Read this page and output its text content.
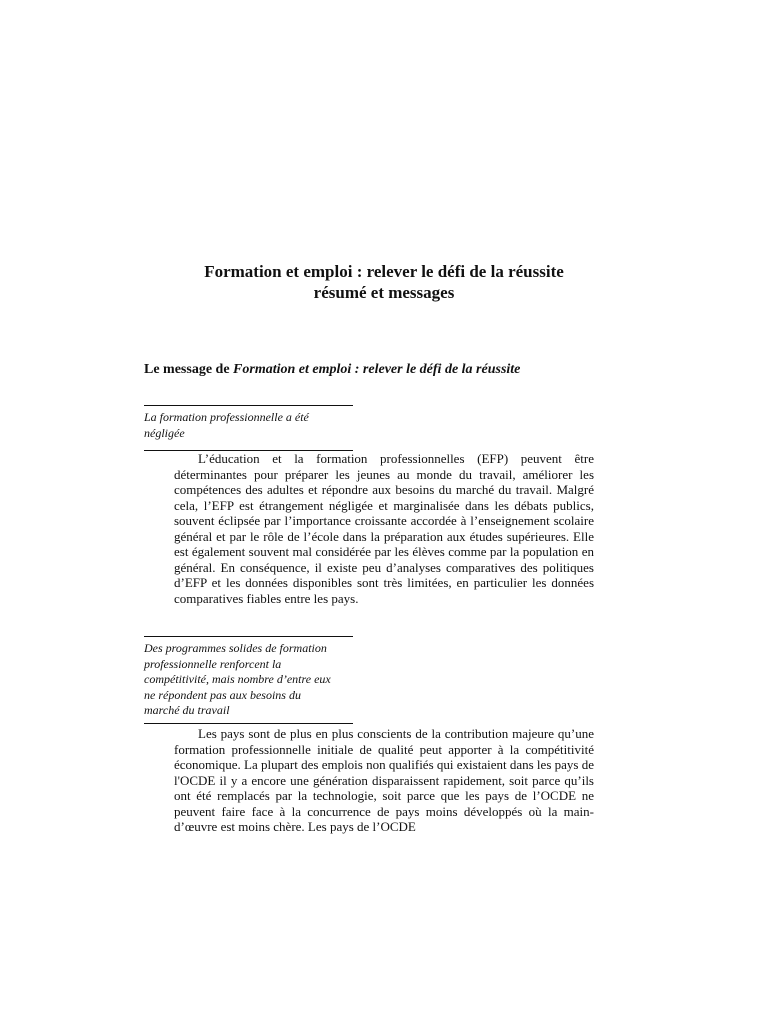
Formation et emploi : relever le défi de la réussite
résumé et messages
Le message de Formation et emploi : relever le défi de la réussite
La formation professionnelle a été
négligée

L’éducation et la formation professionnelles (EFP) peuvent être déterminantes pour préparer les jeunes au monde du travail, améliorer les compétences des adultes et répondre aux besoins du marché du travail. Malgré cela, l’EFP est étrangement négligée et marginalisée dans les débats publics, souvent éclipsée par l’importance croissante accordée à l’enseignement scolaire général et par le rôle de l’école dans la préparation aux études supérieures. Elle est également souvent mal considérée par les élèves comme par la population en général. En conséquence, il existe peu d’analyses comparatives des politiques d’EFP et les données disponibles sont très limitées, en particulier les données comparatives fiables entre les pays.

Des programmes solides de formation
professionnelle renforcent la
compétitivité, mais nombre d’entre eux
ne répondent pas aux besoins du
marché du travail

Les pays sont de plus en plus conscients de la contribution majeure qu’une formation professionnelle initiale de qualité peut apporter à la compétitivité économique. La plupart des emplois non qualifiés qui existaient dans les pays de l'OCDE il y a encore une génération disparaissent rapidement, soit parce qu’ils ont été remplacés par la technologie, soit parce que les pays de l’OCDE ne peuvent faire face à la concurrence de pays moins développés où la main-d’œuvre est moins chère. Les pays de l’OCDE
